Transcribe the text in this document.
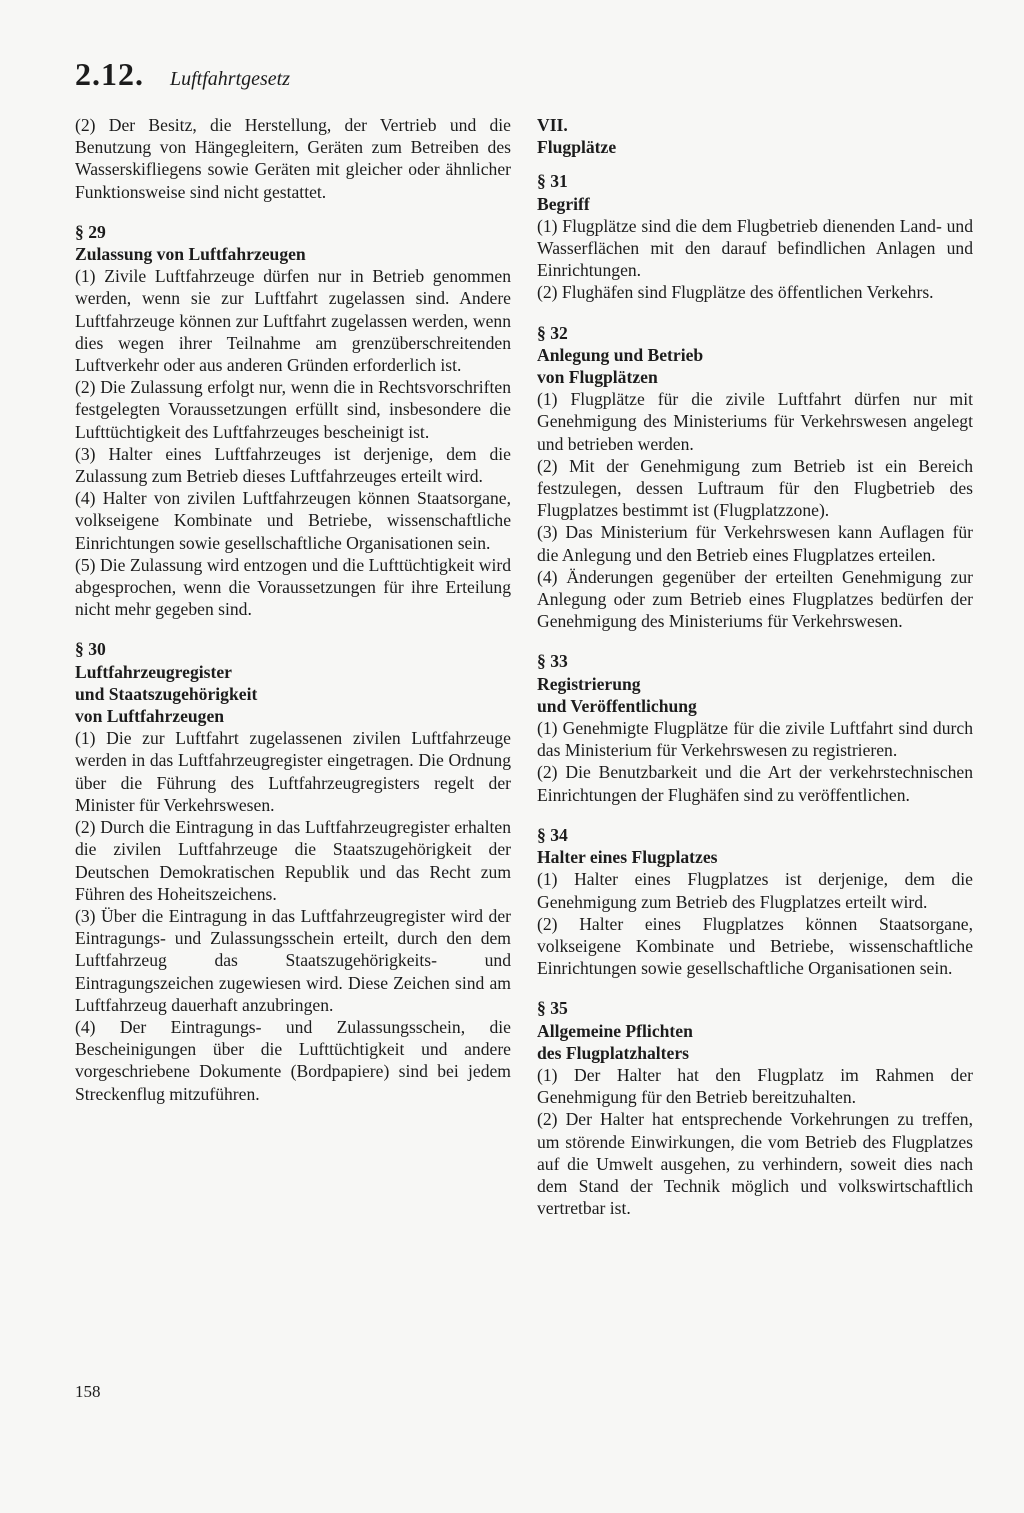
2.12. Luftfahrtgesetz

(2) Der Besitz, die Herstellung, der Vertrieb und die Benutzung von Hängegleitern, Geräten zum Betreiben des Wasserskifliegens sowie Geräten mit gleicher oder ähnlicher Funktionsweise sind nicht gestattet.

§ 29

Zulassung von Luftfahrzeugen

(1) Zivile Luftfahrzeuge dürfen nur in Betrieb genommen werden, wenn sie zur Luftfahrt zugelassen sind. Andere Luftfahrzeuge können zur Luftfahrt zugelassen werden, wenn dies wegen ihrer Teilnahme am grenzüberschreitenden Luftverkehr oder aus anderen Gründen erforderlich ist.

(2) Die Zulassung erfolgt nur, wenn die in Rechtsvorschriften festgelegten Voraussetzungen erfüllt sind, insbesondere die Lufttüchtigkeit des Luftfahrzeuges bescheinigt ist.

(3) Halter eines Luftfahrzeuges ist derjenige, dem die Zulassung zum Betrieb dieses Luftfahrzeuges erteilt wird.

(4) Halter von zivilen Luftfahrzeugen können Staatsorgane, volkseigene Kombinate und Betriebe, wissenschaftliche Einrichtungen sowie gesellschaftliche Organisationen sein.

(5) Die Zulassung wird entzogen und die Lufttüchtigkeit wird abgesprochen, wenn die Voraussetzungen für ihre Erteilung nicht mehr gegeben sind.

§ 30

Luftfahrzeugregister
und Staatszugehörigkeit
von Luftfahrzeugen

(1) Die zur Luftfahrt zugelassenen zivilen Luftfahrzeuge werden in das Luftfahrzeugregister eingetragen. Die Ordnung über die Führung des Luftfahrzeugregisters regelt der Minister für Verkehrswesen.

(2) Durch die Eintragung in das Luftfahrzeugregister erhalten die zivilen Luftfahrzeuge die Staatszugehörigkeit der Deutschen Demokratischen Republik und das Recht zum Führen des Hoheitszeichens.

(3) Über die Eintragung in das Luftfahrzeugregister wird der Eintragungs- und Zulassungsschein erteilt, durch den dem Luftfahrzeug das Staatszugehörigkeits- und Eintragungszeichen zugewiesen wird. Diese Zeichen sind am Luftfahrzeug dauerhaft anzubringen.

(4) Der Eintragungs- und Zulassungsschein, die Bescheinigungen über die Lufttüchtigkeit und andere vorgeschriebene Dokumente (Bordpapiere) sind bei jedem Streckenflug mitzuführen.

VII.

Flugplätze

§ 31

Begriff

(1) Flugplätze sind die dem Flugbetrieb dienenden Land- und Wasserflächen mit den darauf befindlichen Anlagen und Einrichtungen.

(2) Flughäfen sind Flugplätze des öffentlichen Verkehrs.

§ 32

Anlegung und Betrieb
von Flugplätzen

(1) Flugplätze für die zivile Luftfahrt dürfen nur mit Genehmigung des Ministeriums für Verkehrswesen angelegt und betrieben werden.

(2) Mit der Genehmigung zum Betrieb ist ein Bereich festzulegen, dessen Luftraum für den Flugbetrieb des Flugplatzes bestimmt ist (Flugplatzzone).

(3) Das Ministerium für Verkehrswesen kann Auflagen für die Anlegung und den Betrieb eines Flugplatzes erteilen.

(4) Änderungen gegenüber der erteilten Genehmigung zur Anlegung oder zum Betrieb eines Flugplatzes bedürfen der Genehmigung des Ministeriums für Verkehrswesen.

§ 33

Registrierung
und Veröffentlichung

(1) Genehmigte Flugplätze für die zivile Luftfahrt sind durch das Ministerium für Verkehrswesen zu registrieren.

(2) Die Benutzbarkeit und die Art der verkehrstechnischen Einrichtungen der Flughäfen sind zu veröffentlichen.

§ 34

Halter eines Flugplatzes

(1) Halter eines Flugplatzes ist derjenige, dem die Genehmigung zum Betrieb des Flugplatzes erteilt wird.

(2) Halter eines Flugplatzes können Staatsorgane, volkseigene Kombinate und Betriebe, wissenschaftliche Einrichtungen sowie gesellschaftliche Organisationen sein.

§ 35

Allgemeine Pflichten
des Flugplatzhalters

(1) Der Halter hat den Flugplatz im Rahmen der Genehmigung für den Betrieb bereitzuhalten.

(2) Der Halter hat entsprechende Vorkehrungen zu treffen, um störende Einwirkungen, die vom Betrieb des Flugplatzes auf die Umwelt ausgehen, zu verhindern, soweit dies nach dem Stand der Technik möglich und volkswirtschaftlich vertretbar ist.

158
